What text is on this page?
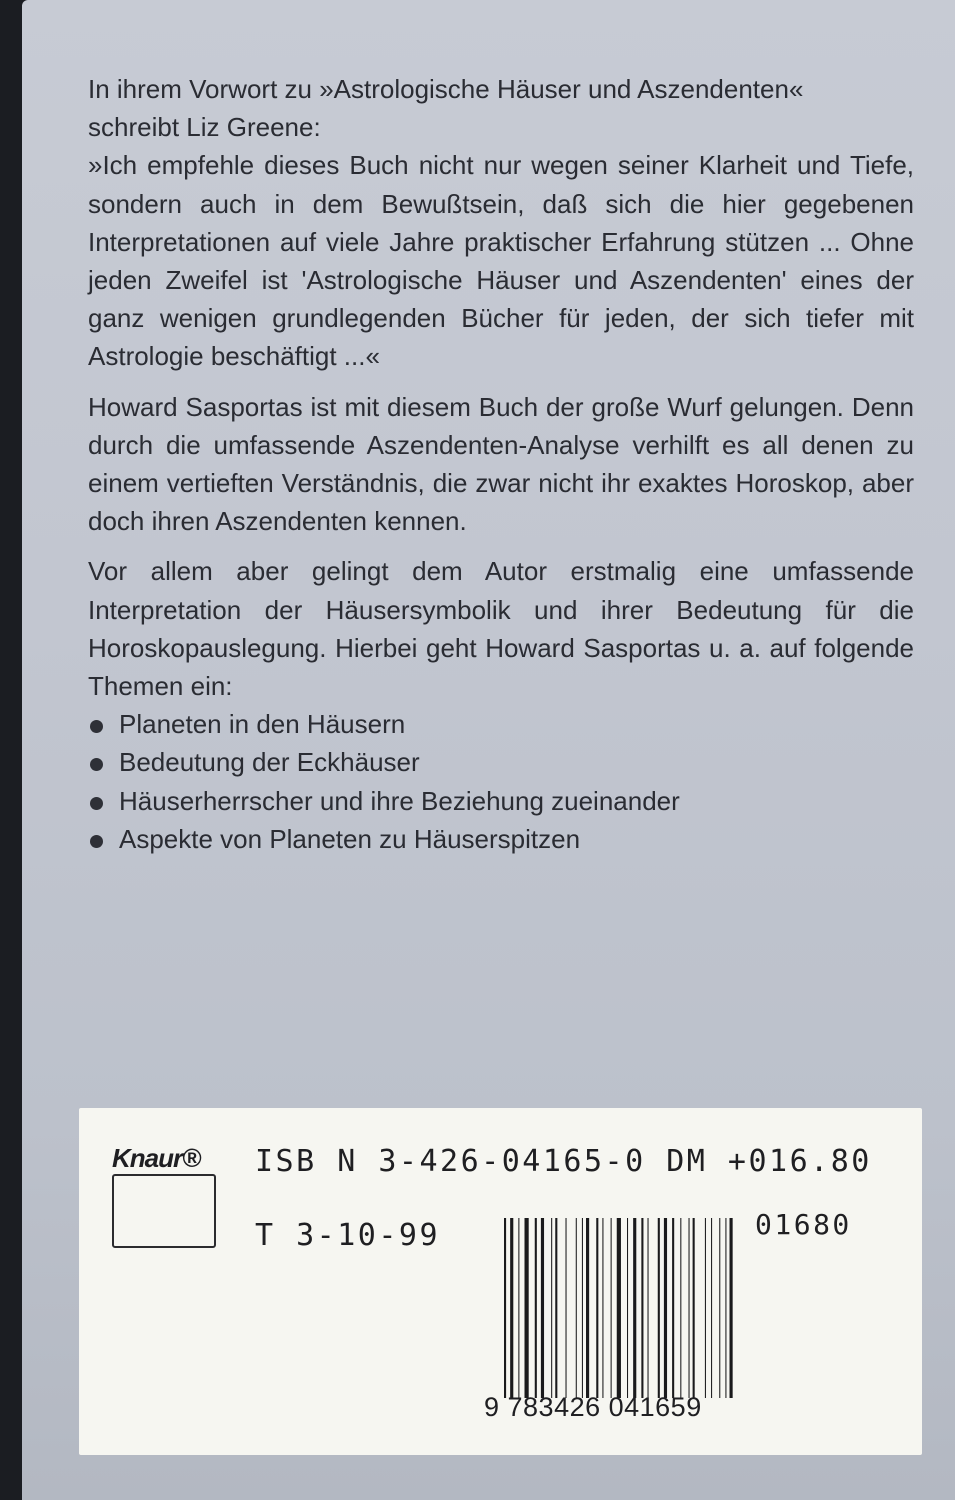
In ihrem Vorwort zu »Astrologische Häuser und Aszendenten«
schreibt Liz Greene:

»Ich empfehle dieses Buch nicht nur wegen seiner Klarheit und Tiefe, sondern auch in dem Bewußtsein, daß sich die hier gegebenen Interpretationen auf viele Jahre praktischer Erfahrung stützen ... Ohne jeden Zweifel ist 'Astrologische Häuser und Aszendenten' eines der ganz wenigen grundlegenden Bücher für jeden, der sich tiefer mit Astrologie beschäftigt ...«

Howard Sasportas ist mit diesem Buch der große Wurf gelungen. Denn durch die umfassende Aszendenten-Analyse verhilft es all denen zu einem vertieften Verständnis, die zwar nicht ihr exaktes Horoskop, aber doch ihren Aszendenten kennen.

Vor allem aber gelingt dem Autor erstmalig eine umfassende Interpretation der Häusersymbolik und ihrer Bedeutung für die Horoskopauslegung. Hierbei geht Howard Sasportas u. a. auf folgende Themen ein:

Planeten in den Häusern
Bedeutung der Eckhäuser
Häuserherrscher und ihre Beziehung zueinander
Aspekte von Planeten zu Häuserspitzen
Knaur® ISB N 3-426-04165-0 DM +016.80
T 3-10-99	01680
9 783426 041659
